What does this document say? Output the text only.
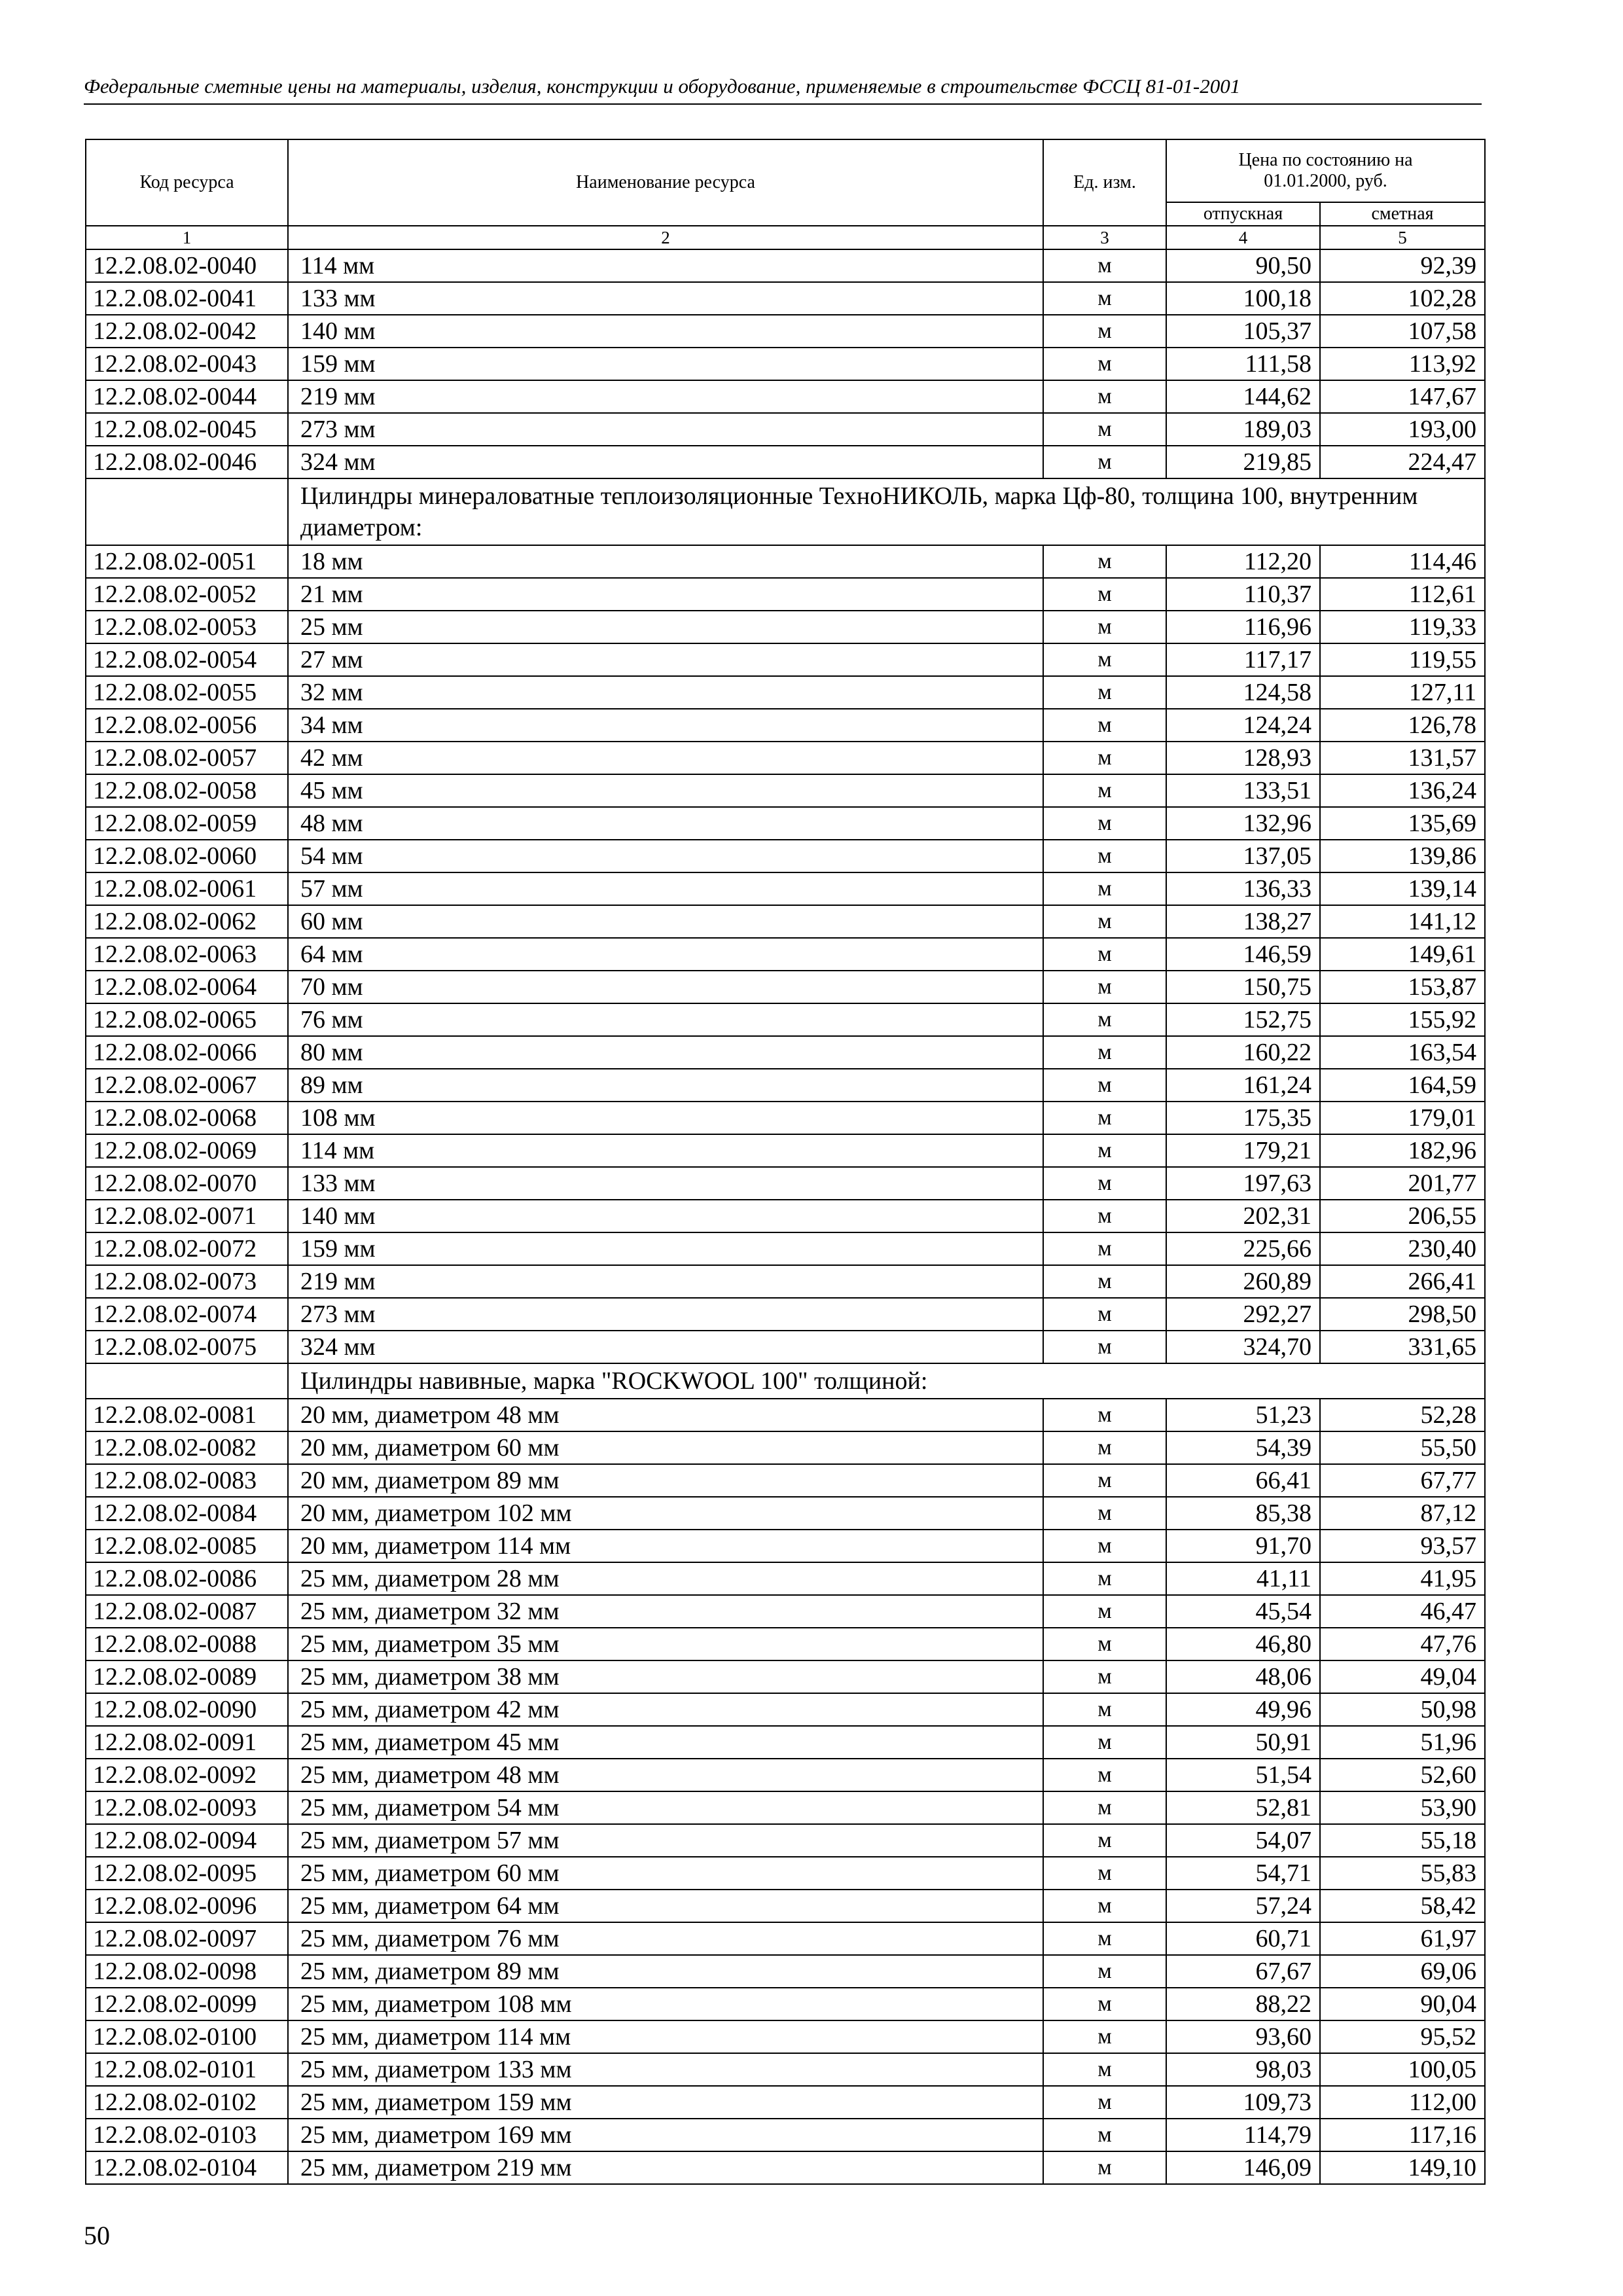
Федеральные сметные цены на материалы, изделия, конструкции и оборудование, применяемые в строительстве ФССЦ 81-01-2001
Код ресурса	Наименование ресурса	Ед. изм.	Цена по состоянию на 01.01.2000, руб.	
			отпускная	сметная
1	2	3	4	5
12.2.08.02-0040	114 мм	м	90,50	92,39
12.2.08.02-0041	133 мм	м	100,18	102,28
12.2.08.02-0042	140 мм	м	105,37	107,58
12.2.08.02-0043	159 мм	м	111,58	113,92
12.2.08.02-0044	219 мм	м	144,62	147,67
12.2.08.02-0045	273 мм	м	189,03	193,00
12.2.08.02-0046	324 мм	м	219,85	224,47
	Цилиндры минераловатные теплоизоляционные ТехноНИКОЛЬ, марка Цф-80, толщина 100, внутренним диаметром:			
12.2.08.02-0051	18 мм	м	112,20	114,46
12.2.08.02-0052	21 мм	м	110,37	112,61
12.2.08.02-0053	25 мм	м	116,96	119,33
12.2.08.02-0054	27 мм	м	117,17	119,55
12.2.08.02-0055	32 мм	м	124,58	127,11
12.2.08.02-0056	34 мм	м	124,24	126,78
12.2.08.02-0057	42 мм	м	128,93	131,57
12.2.08.02-0058	45 мм	м	133,51	136,24
12.2.08.02-0059	48 мм	м	132,96	135,69
12.2.08.02-0060	54 мм	м	137,05	139,86
12.2.08.02-0061	57 мм	м	136,33	139,14
12.2.08.02-0062	60 мм	м	138,27	141,12
12.2.08.02-0063	64 мм	м	146,59	149,61
12.2.08.02-0064	70 мм	м	150,75	153,87
12.2.08.02-0065	76 мм	м	152,75	155,92
12.2.08.02-0066	80 мм	м	160,22	163,54
12.2.08.02-0067	89 мм	м	161,24	164,59
12.2.08.02-0068	108 мм	м	175,35	179,01
12.2.08.02-0069	114 мм	м	179,21	182,96
12.2.08.02-0070	133 мм	м	197,63	201,77
12.2.08.02-0071	140 мм	м	202,31	206,55
12.2.08.02-0072	159 мм	м	225,66	230,40
12.2.08.02-0073	219 мм	м	260,89	266,41
12.2.08.02-0074	273 мм	м	292,27	298,50
12.2.08.02-0075	324 мм	м	324,70	331,65
	Цилиндры навивные, марка "ROCKWOOL 100" толщиной:			
12.2.08.02-0081	20 мм, диаметром 48 мм	м	51,23	52,28
12.2.08.02-0082	20 мм, диаметром 60 мм	м	54,39	55,50
12.2.08.02-0083	20 мм, диаметром 89 мм	м	66,41	67,77
12.2.08.02-0084	20 мм, диаметром 102 мм	м	85,38	87,12
12.2.08.02-0085	20 мм, диаметром 114 мм	м	91,70	93,57
12.2.08.02-0086	25 мм, диаметром 28 мм	м	41,11	41,95
12.2.08.02-0087	25 мм, диаметром 32 мм	м	45,54	46,47
12.2.08.02-0088	25 мм, диаметром 35 мм	м	46,80	47,76
12.2.08.02-0089	25 мм, диаметром 38 мм	м	48,06	49,04
12.2.08.02-0090	25 мм, диаметром 42 мм	м	49,96	50,98
12.2.08.02-0091	25 мм, диаметром 45 мм	м	50,91	51,96
12.2.08.02-0092	25 мм, диаметром 48 мм	м	51,54	52,60
12.2.08.02-0093	25 мм, диаметром 54 мм	м	52,81	53,90
12.2.08.02-0094	25 мм, диаметром 57 мм	м	54,07	55,18
12.2.08.02-0095	25 мм, диаметром 60 мм	м	54,71	55,83
12.2.08.02-0096	25 мм, диаметром 64 мм	м	57,24	58,42
12.2.08.02-0097	25 мм, диаметром 76 мм	м	60,71	61,97
12.2.08.02-0098	25 мм, диаметром 89 мм	м	67,67	69,06
12.2.08.02-0099	25 мм, диаметром 108 мм	м	88,22	90,04
12.2.08.02-0100	25 мм, диаметром 114 мм	м	93,60	95,52
12.2.08.02-0101	25 мм, диаметром 133 мм	м	98,03	100,05
12.2.08.02-0102	25 мм, диаметром 159 мм	м	109,73	112,00
12.2.08.02-0103	25 мм, диаметром 169 мм	м	114,79	117,16
12.2.08.02-0104	25 мм, диаметром 219 мм	м	146,09	149,10
50
